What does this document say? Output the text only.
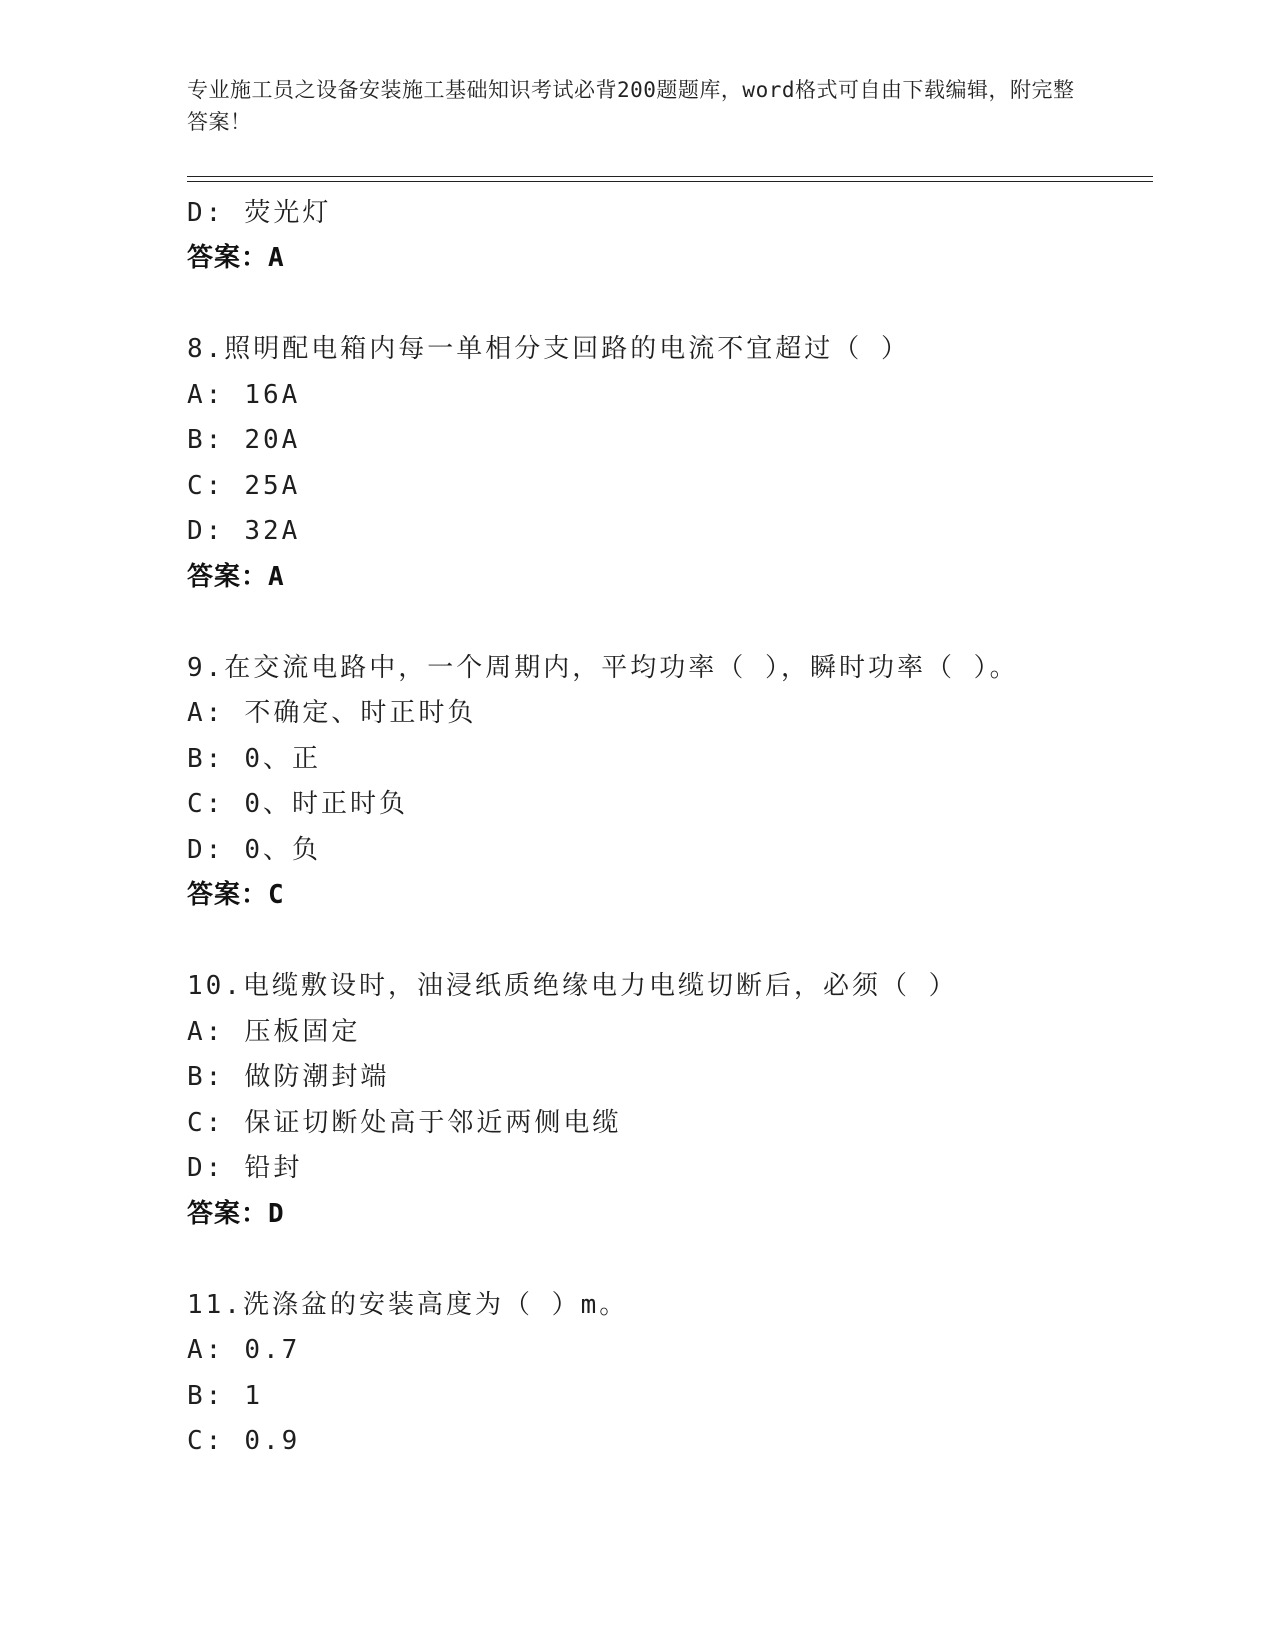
专业施工员之设备安装施工基础知识考试必背200题题库，word格式可自由下载编辑，附完整答案！
D: 荧光灯
答案：A
8.照明配电箱内每一单相分支回路的电流不宜超过（ ）
A: 16A
B: 20A
C: 25A
D: 32A
答案：A
9.在交流电路中，一个周期内，平均功率（ ），瞬时功率（ ）。
A: 不确定、时正时负
B: 0、正
C: 0、时正时负
D: 0、负
答案：C
10.电缆敷设时，油浸纸质绝缘电力电缆切断后，必须（ ）
A: 压板固定
B: 做防潮封端
C: 保证切断处高于邻近两侧电缆
D: 铅封
答案：D
11.洗涤盆的安装高度为（ ）m。
A: 0.7
B: 1
C: 0.9
